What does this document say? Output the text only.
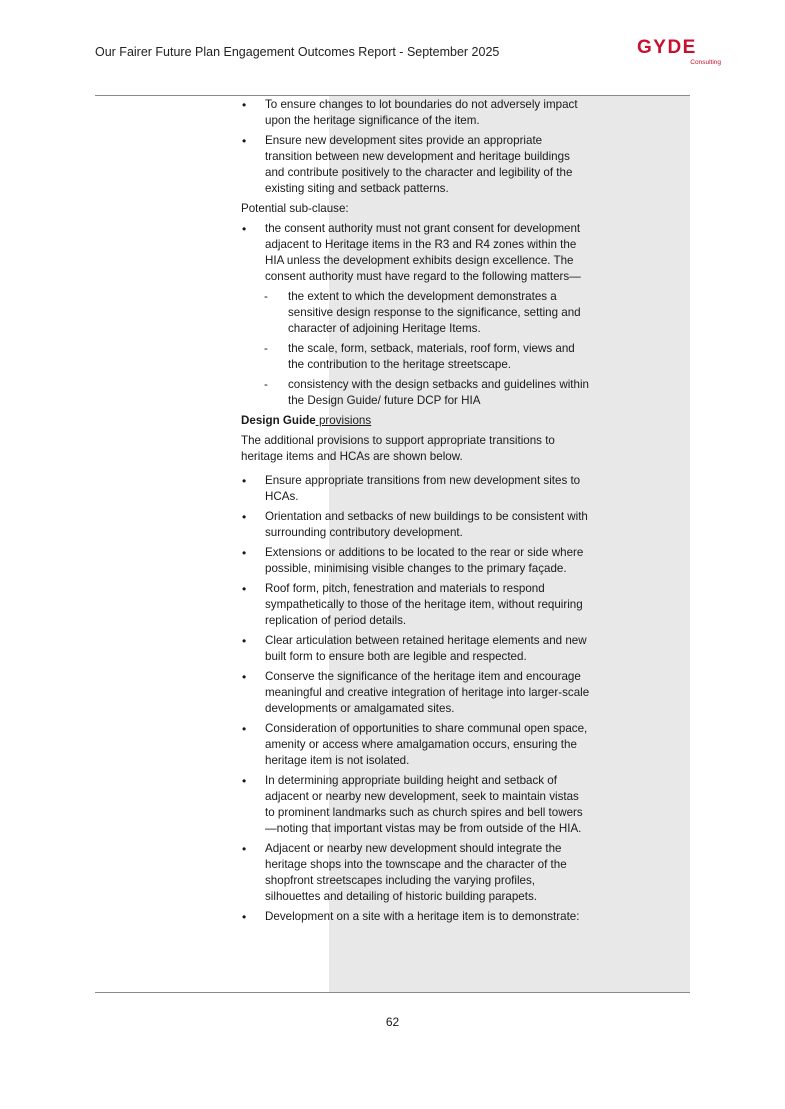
Our Fairer Future Plan Engagement Outcomes Report - September 2025	GYDE
Consulting
• To ensure changes to lot boundaries do not adversely impact upon the heritage significance of the item.
• Ensure new development sites provide an appropriate transition between new development and heritage buildings and contribute positively to the character and legibility of the existing siting and setback patterns.
Potential sub-clause:
• the consent authority must not grant consent for development adjacent to Heritage items in the R3 and R4 zones within the HIA unless the development exhibits design excellence. The consent authority must have regard to the following matters—
- the extent to which the development demonstrates a sensitive design response to the significance, setting and character of adjoining Heritage Items.
- the scale, form, setback, materials, roof form, views and the contribution to the heritage streetscape.
- consistency with the design setbacks and guidelines within the Design Guide/ future DCP for HIA
Design Guide provisions
The additional provisions to support appropriate transitions to heritage items and HCAs are shown below.
• Ensure appropriate transitions from new development sites to HCAs.
• Orientation and setbacks of new buildings to be consistent with surrounding contributory development.
• Extensions or additions to be located to the rear or side where possible, minimising visible changes to the primary façade.
• Roof form, pitch, fenestration and materials to respond sympathetically to those of the heritage item, without requiring replication of period details.
• Clear articulation between retained heritage elements and new built form to ensure both are legible and respected.
• Conserve the significance of the heritage item and encourage meaningful and creative integration of heritage into larger-scale developments or amalgamated sites.
• Consideration of opportunities to share communal open space, amenity or access where amalgamation occurs, ensuring the heritage item is not isolated.
• In determining appropriate building height and setback of adjacent or nearby new development, seek to maintain vistas to prominent landmarks such as church spires and bell towers—noting that important vistas may be from outside of the HIA.
• Adjacent or nearby new development should integrate the heritage shops into the townscape and the character of the shopfront streetscapes including the varying profiles, silhouettes and detailing of historic building parapets.
• Development on a site with a heritage item is to demonstrate:
62
